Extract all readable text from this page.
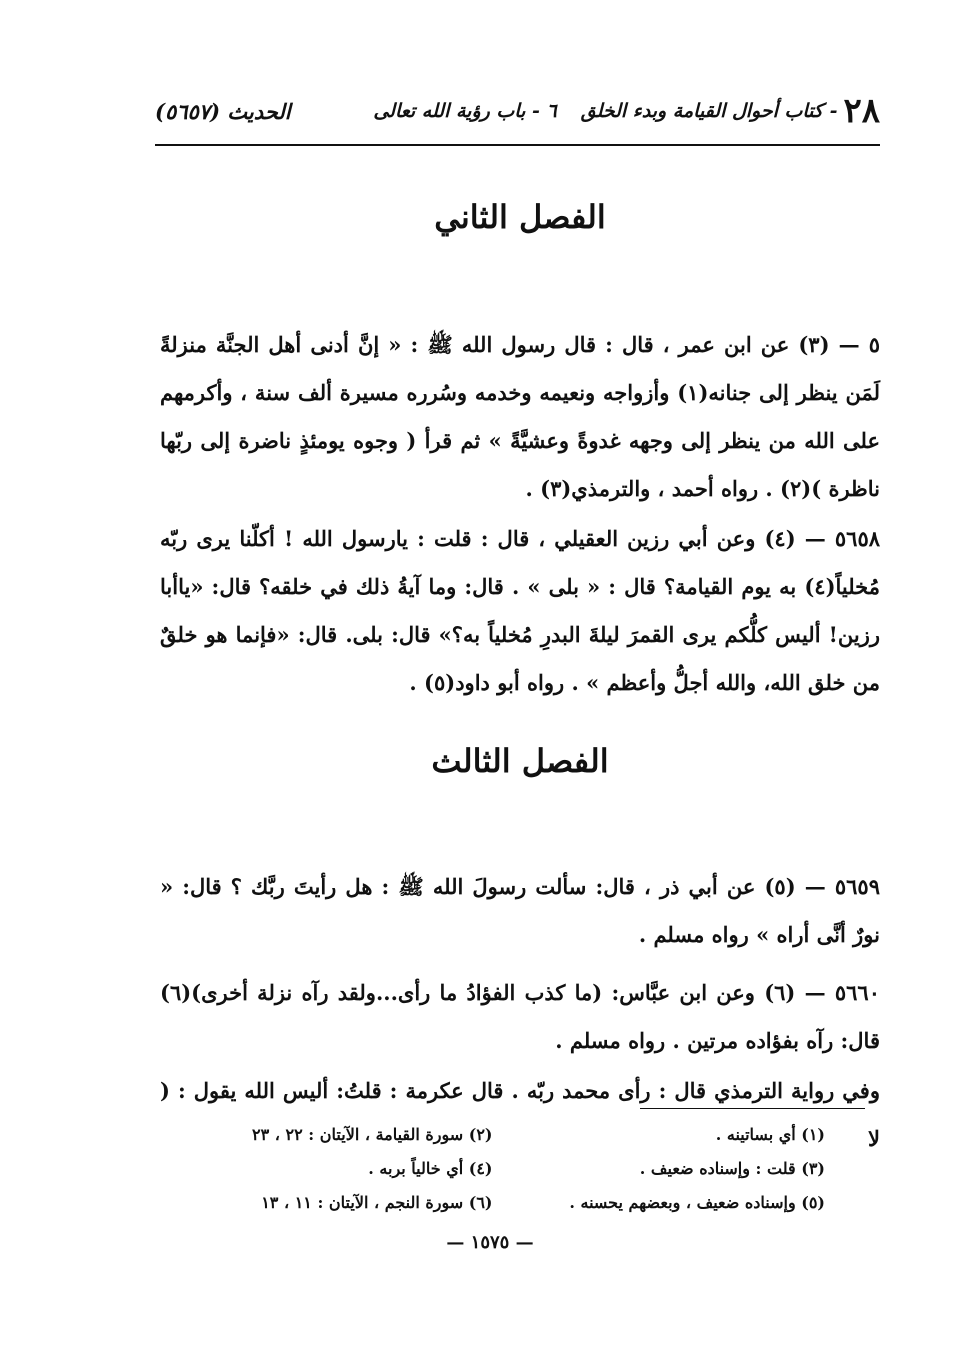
٢٨
- كتاب أحوال القيامة وبدء الخلق
٦ - باب رؤية الله تعالى
الحديث (٥٦٥٧)
الفصل الثاني

٥ — (٣) عن ابن عمر ، قال : قال رسول الله ﷺ : « إنَّ أدنى أهل الجنَّة منزلةً لَمَن ينظر إلى جنانه(١) وأزواجه ونعيمه وخدمه وسُرره مسيرة ألف سنة ، وأكرمهم على الله من ينظر إلى وجهه غدوةً وعشيَّةً » ثم قرأ ( وجوه يومئذٍ ناضرة إلى ربّها ناظرة )(٢) . رواه أحمد ، والترمذي(٣) .

٥٦٥٨ — (٤) وعن أبي رزين العقيلي ، قال : قلت : يارسول الله ! أكلّنا يرى ربّه مُخلياً(٤) به يوم القيامة؟ قال : « بلى » . قال: وما آيةُ ذلك في خلقه؟ قال: «ياأبا رزين! أليس كلُّكم يرى القمرَ ليلةَ البدرِ مُخلياً به؟» قال: بلى. قال: «فإنما هو خلقٌ من خلق الله، والله أجلُّ وأعظم » . رواه أبو داود(٥) .

الفصل الثالث

٥٦٥٩ — (٥) عن أبي ذر ، قال: سألت رسولَ الله ﷺ : هل رأيتَ ربَّك ؟ قال: « نورٌ أنَّى أراه » رواه مسلم .

٥٦٦٠ — (٦) وعن ابن عبَّاس: (ما كذب الفؤادُ ما رأى...ولقد رآه نزلة أخرى)(٦) قال: رآه بفؤاده مرتين . رواه مسلم .

وفي رواية الترمذي قال : رأى محمد ربّه . قال عكرمة : قلتُ: أليس الله يقول : ( لا

(١) أي بساتينه .
(٢) سورة القيامة ، الآيتان : ٢٢ ، ٢٣
(٣) قلت : وإسناده ضعيف .
(٤) أي خالياً بربه .
(٥) وإسناده ضعيف ، وبعضهم يحسنه .
(٦) سورة النجم ، الآيتان : ١١ ، ١٣
— ١٥٧٥ —
